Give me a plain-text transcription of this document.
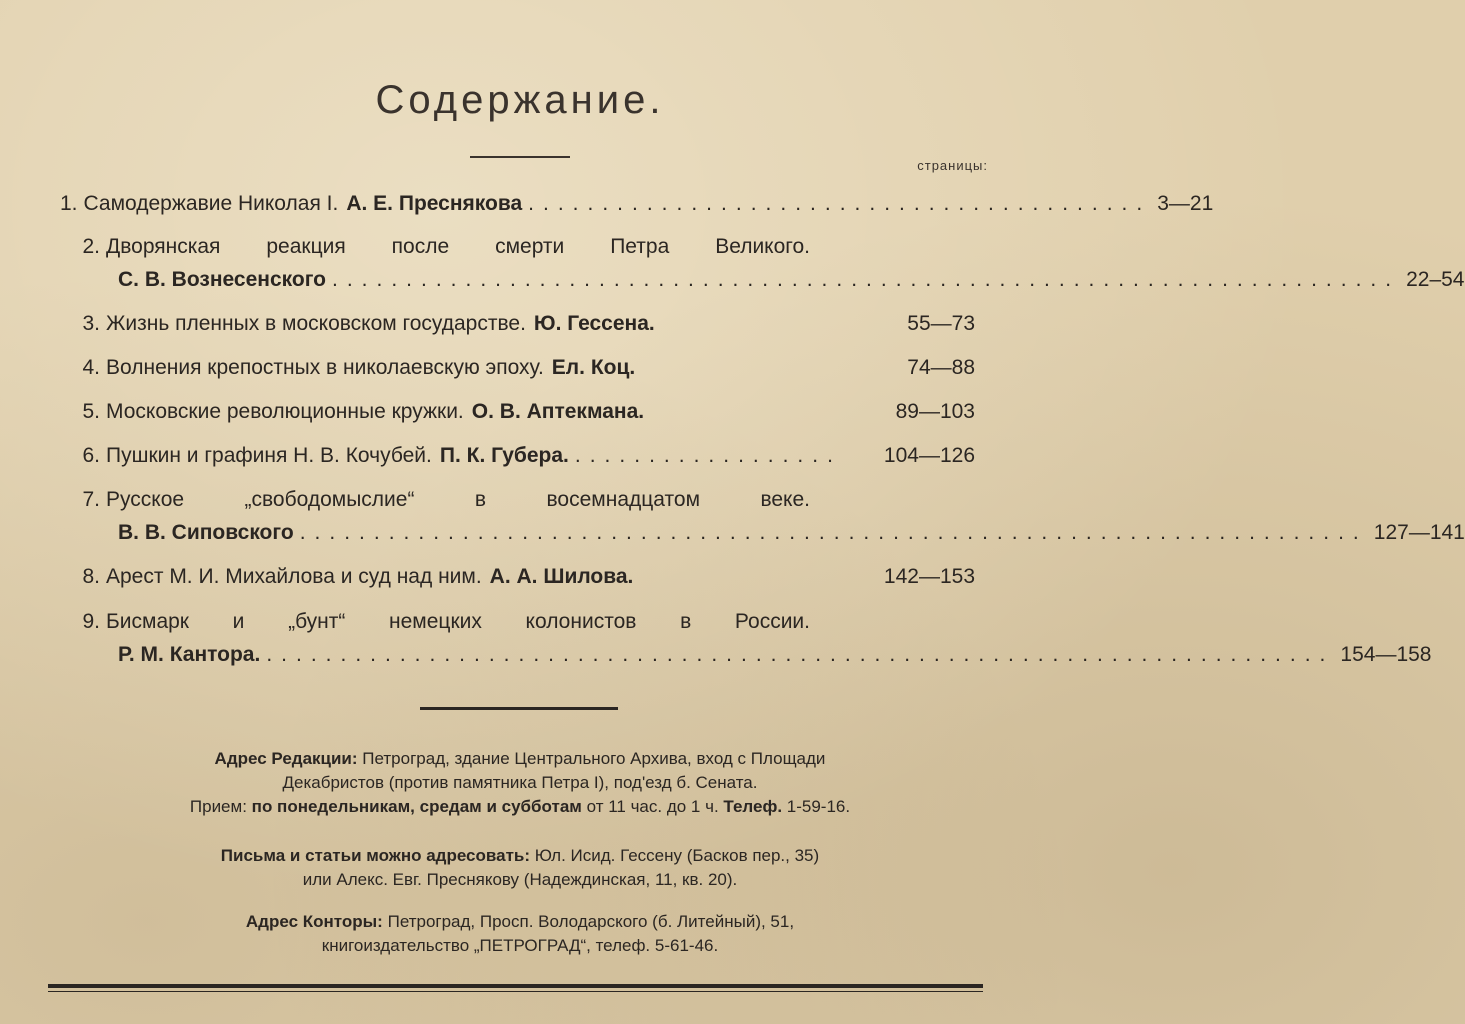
Содержание.
страницы:
1. Самодержавие Николая I. А. Е. Преснякова .......................................... 3—21
2. Дворянская реакция после смерти Петра Великого.
С. В. Вознесенского ........................................................................ 22–54
3. Жизнь пленных в московском государстве. Ю. Гессена.	55—73
4. Волнения крепостных в николаевскую эпоху. Ел. Коц.	74—88
5. Московские революционные кружки. О. В. Аптекмана.	89—103
6. Пушкин и графиня Н. В. Кочубей. П. К. Губера. ..................	104—126
7. Русское „свободомыслие“ в восемнадцатом веке.
В. В. Сиповского ........................................................................ 127—141
8. Арест М. И. Михайлова и суд над ним. А. А. Шилова.	142—153
9. Бисмарк и „бунт“ немецких колонистов в России.
Р. М. Кантора. ........................................................................ 154—158
Адрес Редакции: Петроград, здание Центрального Архива, вход с Площади
Декабристов (против памятника Петра I), под'езд б. Сената.
Прием: по понедельникам, средам и субботам от 11 час. до 1 ч. Телеф. 1-59-16.
Письма и статьи можно адресовать: Юл. Исид. Гессену (Басков пер., 35)
или Алекс. Евг. Преснякову (Надеждинская, 11, кв. 20).
Адрес Конторы: Петроград, Просп. Володарского (б. Литейный), 51,
книгоиздательство „ПЕТРОГРАД“, телеф. 5-61-46.
